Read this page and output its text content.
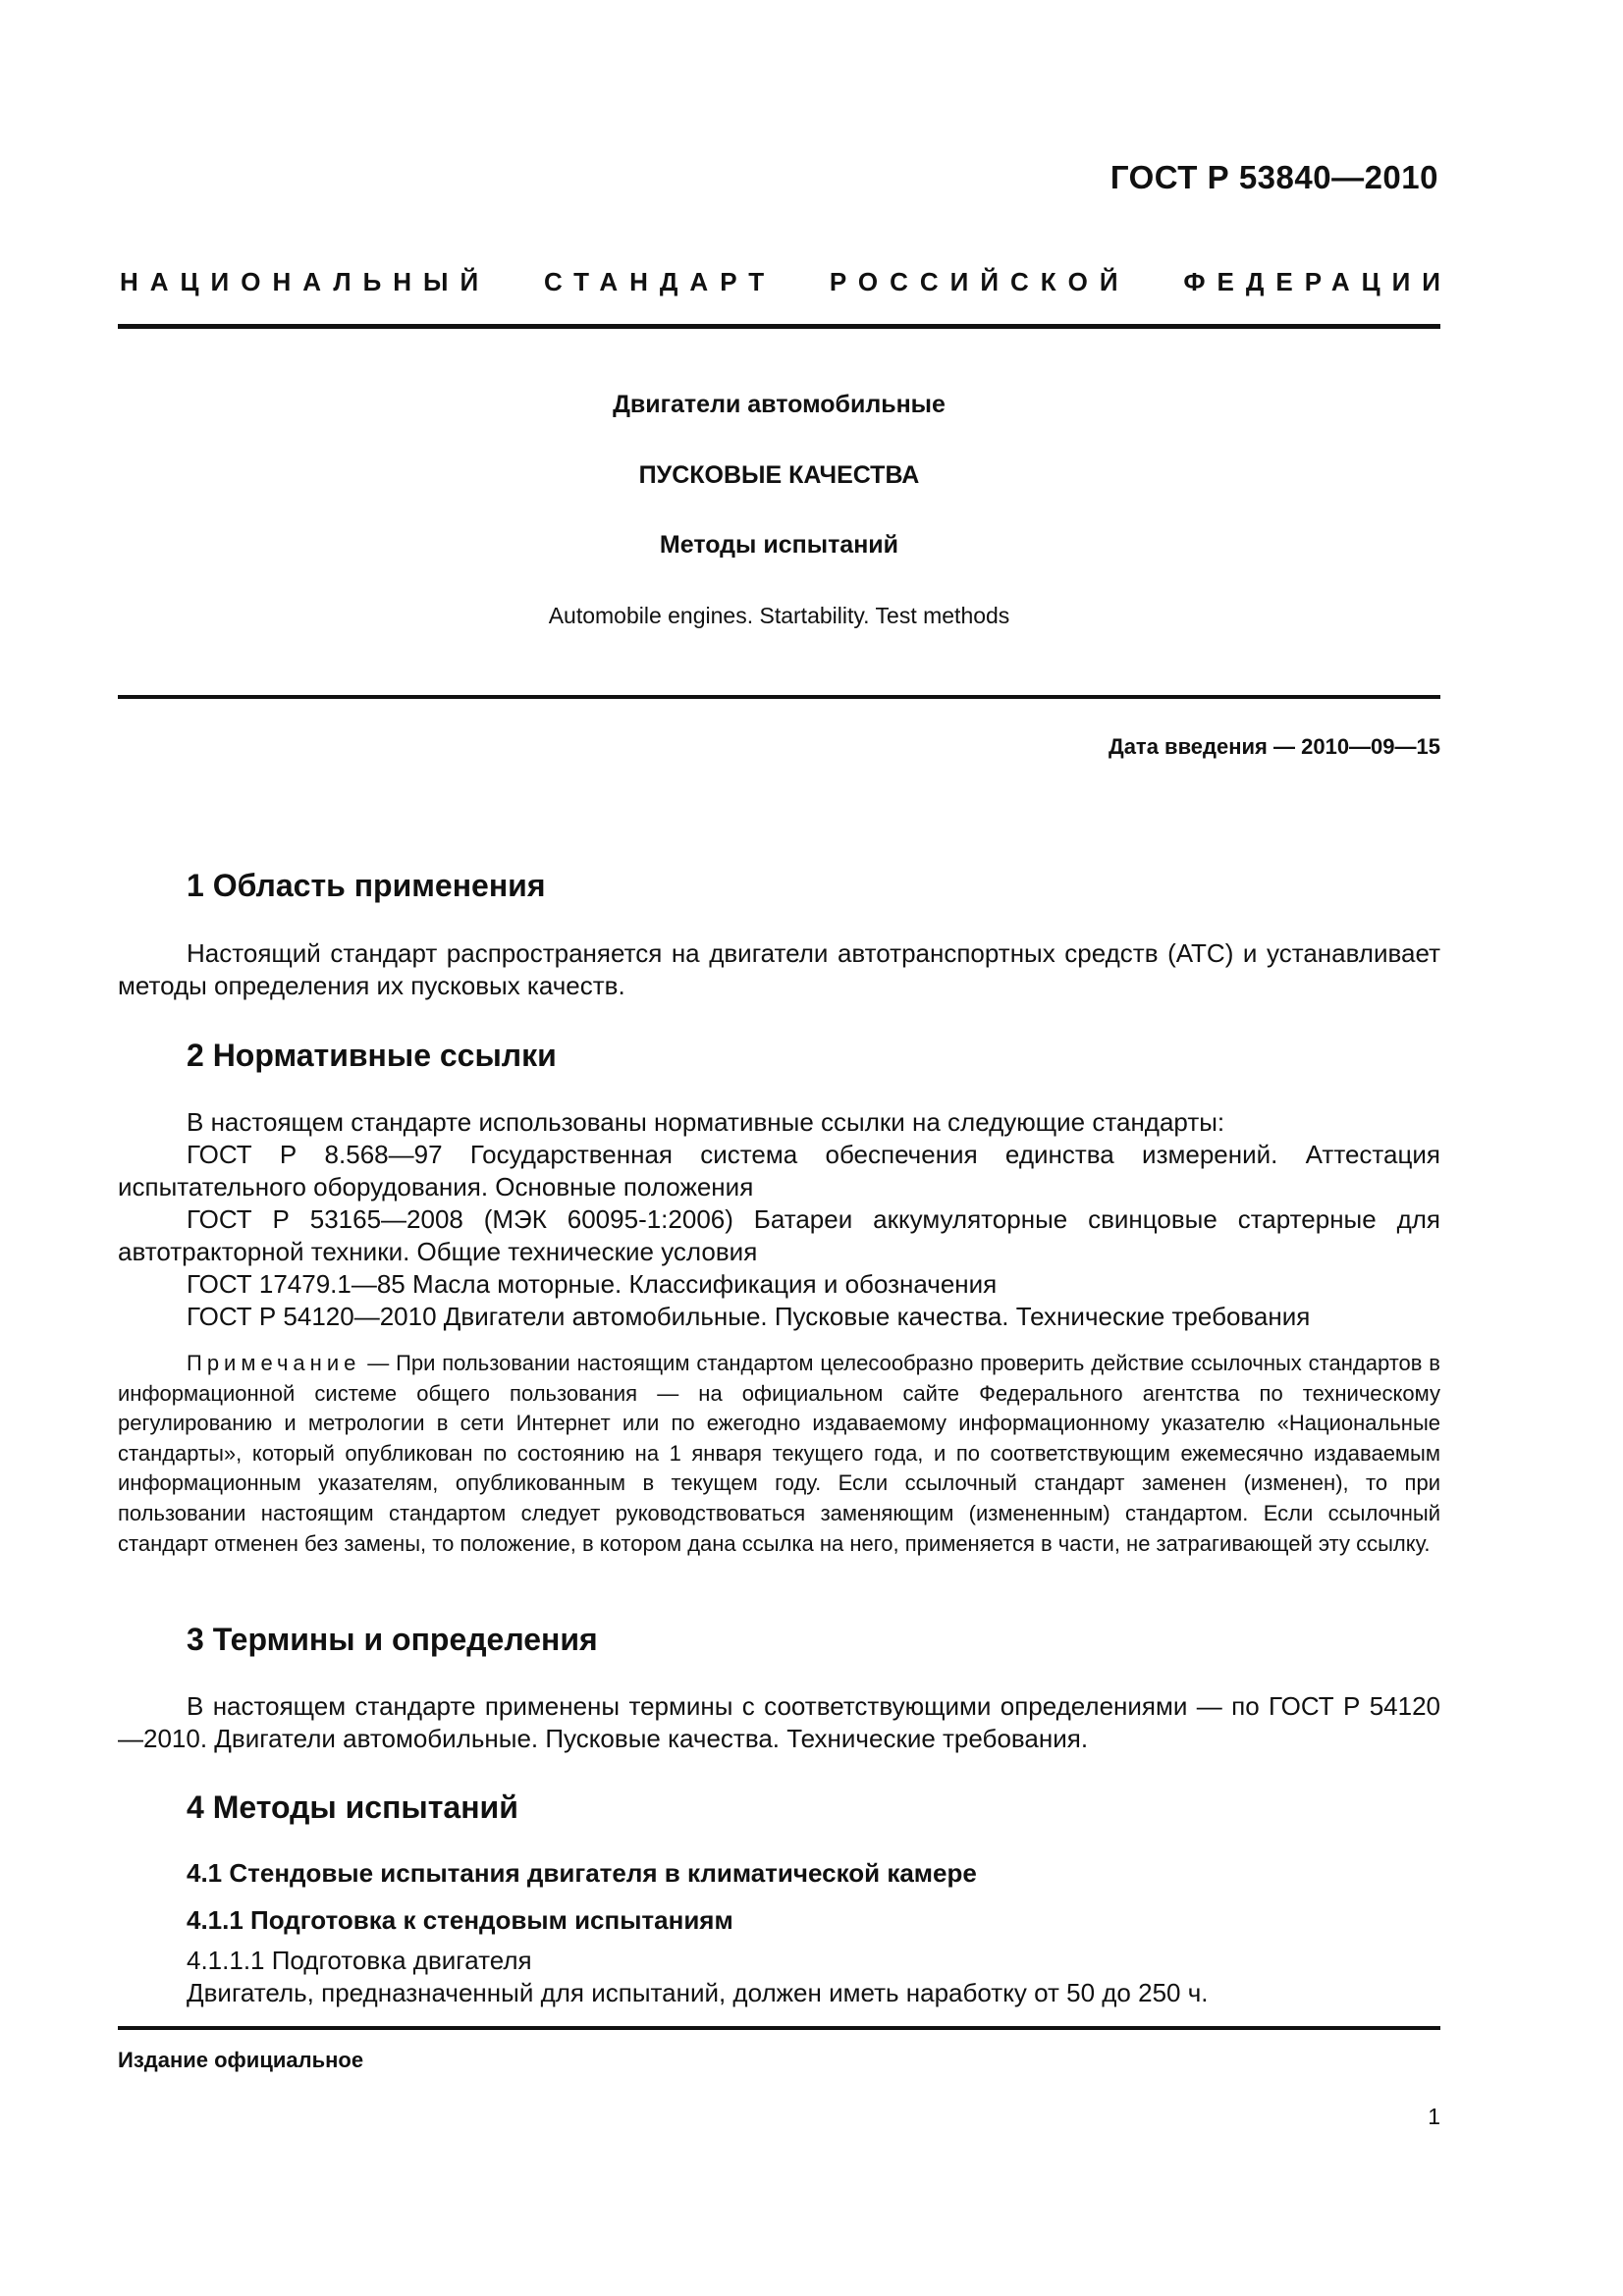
ГОСТ Р 53840—2010
НАЦИОНАЛЬНЫЙ СТАНДАРТ РОССИЙСКОЙ ФЕДЕРАЦИИ
Двигатели автомобильные
ПУСКОВЫЕ КАЧЕСТВА
Методы испытаний
Automobile engines. Startability. Test methods
Дата введения — 2010—09—15
1 Область применения

Настоящий стандарт распространяется на двигатели автотранспортных средств (АТС) и устанавливает методы определения их пусковых качеств.

2 Нормативные ссылки

В настоящем стандарте использованы нормативные ссылки на следующие стандарты:

ГОСТ Р 8.568—97 Государственная система обеспечения единства измерений. Аттестация испытательного оборудования. Основные положения

ГОСТ Р 53165—2008 (МЭК 60095-1:2006) Батареи аккумуляторные свинцовые стартерные для автотракторной техники. Общие технические условия

ГОСТ 17479.1—85 Масла моторные. Классификация и обозначения

ГОСТ Р 54120—2010 Двигатели автомобильные. Пусковые качества. Технические требования

Примечание — При пользовании настоящим стандартом целесообразно проверить действие ссылочных стандартов в информационной системе общего пользования — на официальном сайте Федерального агентства по техническому регулированию и метрологии в сети Интернет или по ежегодно издаваемому информационному указателю «Национальные стандарты», который опубликован по состоянию на 1 января текущего года, и по соответствующим ежемесячно издаваемым информационным указателям, опубликованным в текущем году. Если ссылочный стандарт заменен (изменен), то при пользовании настоящим стандартом следует руководствоваться заменяющим (измененным) стандартом. Если ссылочный стандарт отменен без замены, то положение, в котором дана ссылка на него, применяется в части, не затрагивающей эту ссылку.

3 Термины и определения

В настоящем стандарте применены термины с соответствующими определениями — по ГОСТ Р 54120—2010. Двигатели автомобильные. Пусковые качества. Технические требования.

4 Методы испытаний
4.1 Стендовые испытания двигателя в климатической камере
4.1.1 Подготовка к стендовым испытаниям

4.1.1.1 Подготовка двигателя

Двигатель, предназначенный для испытаний, должен иметь наработку от 50 до 250 ч.

Издание официальное
1
